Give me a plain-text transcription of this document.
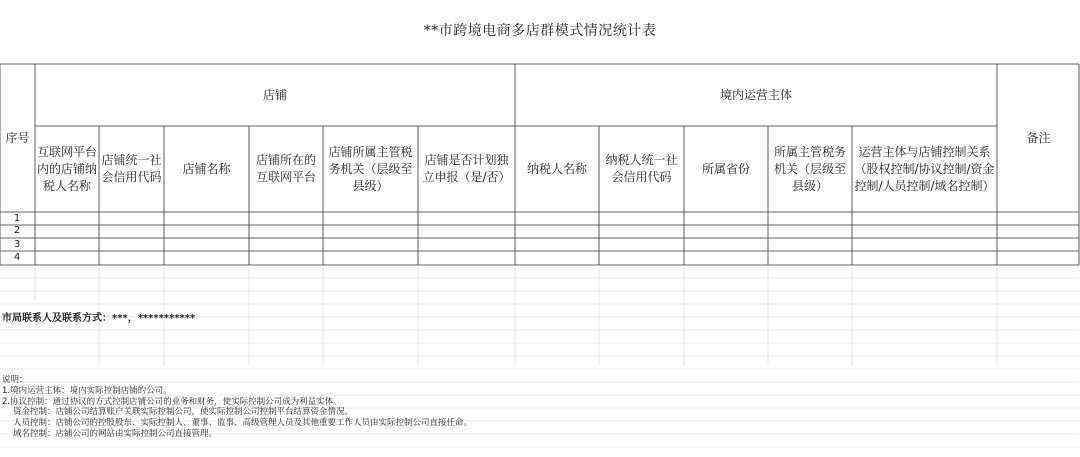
**市跨境电商多店群模式情况统计表
序号
店铺	境内运营主体
备注
互联网平台内的店铺纳税人名称
店铺统一社会信用代码
店铺名称
店铺所在的互联网平台
店铺所属主管税务机关（层级至县级）
店铺是否计划独立申报（是/否）
纳税人名称
纳税人统一社会信用代码
所属省份
所属主管税务机关（层级至县级）
运营主体与店铺控制关系（股权控制/协议控制/资金控制/人员控制/域名控制）
1
2
3
4
市局联系人及联系方式：***，***********
说明：
1.境内运营主体：境内实际控制店铺的公司。
2.协议控制：通过协议的方式控制店铺公司的业务和财务，使实际控制公司成为利益实体。
资金控制：店铺公司结算账户关联实际控制公司，使实际控制公司控制平台结算资金情况。
人员控制：店铺公司的控股股东、实际控制人、董事、监事、高级管理人员及其他重要工作人员由实际控制公司直接任命。
域名控制：店铺公司的网站由实际控制公司直接管理。
